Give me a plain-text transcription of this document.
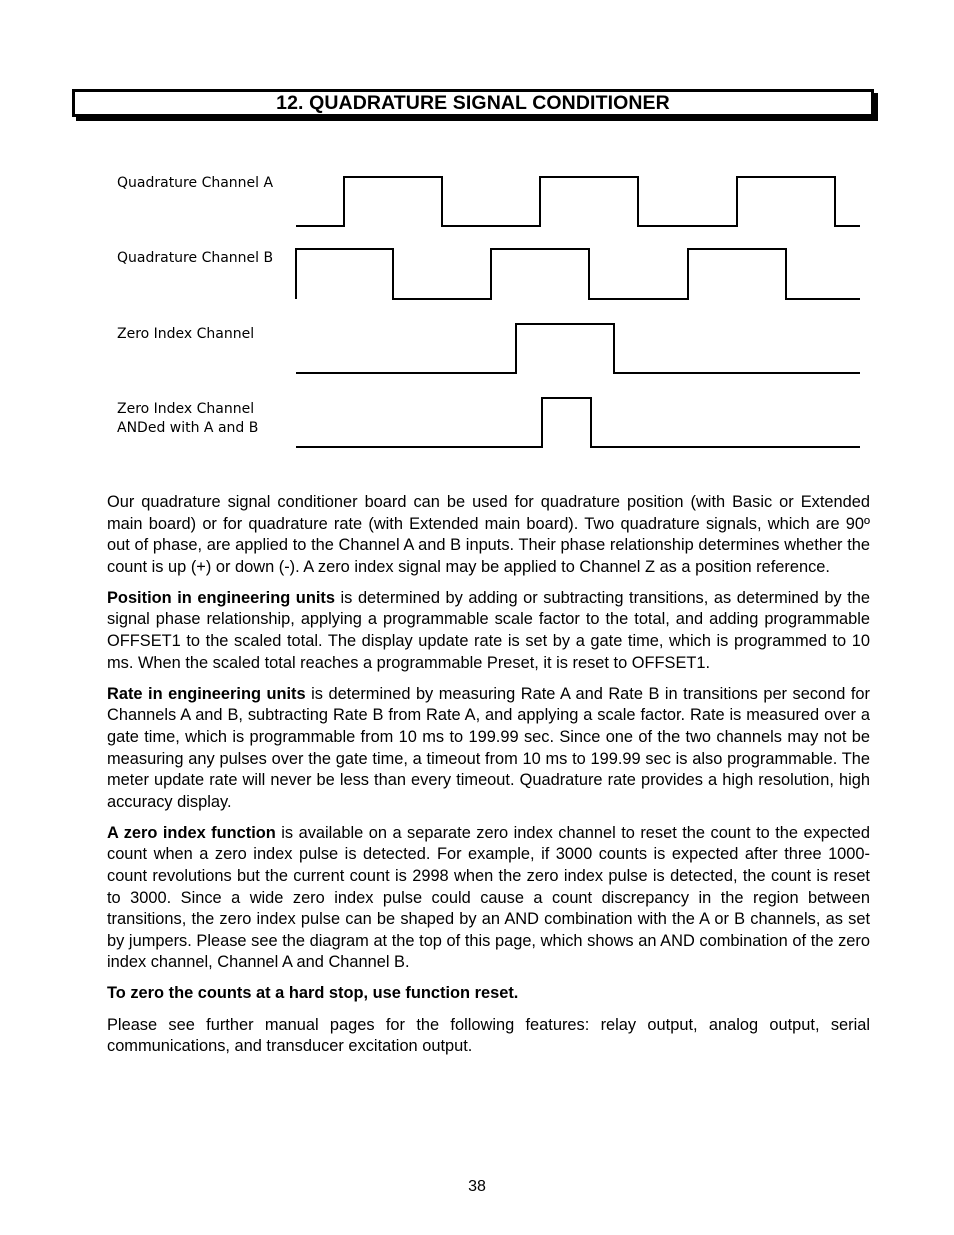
12. QUADRATURE SIGNAL CONDITIONER
Quadrature Channel A
Quadrature Channel B
Zero Index Channel
Zero Index Channel
ANDed with A and B

Our quadrature signal conditioner board can be used for quadrature position (with Basic or Extended main board) or for quadrature rate (with Extended main board). Two quadrature signals, which are 90º out of phase, are applied to the Channel A and B inputs. Their phase relationship determines whether the count is up (+) or down (-). A zero index signal may be applied to Channel Z as a position reference.

Position in engineering units is determined by adding or subtracting transitions, as determined by the signal phase relationship, applying a programmable scale factor to the total, and adding programmable OFFSET1 to the scaled total. The display update rate is set by a gate time, which is programmed to 10 ms. When the scaled total reaches a programmable Preset, it is reset to OFFSET1.

Rate in engineering units is determined by measuring Rate A and Rate B in transitions per second for Channels A and B, subtracting Rate B from Rate A, and applying a scale factor. Rate is measured over a gate time, which is programmable from 10 ms to 199.99 sec. Since one of the two channels may not be measuring any pulses over the gate time, a timeout from 10 ms to 199.99 sec is also programmable. The meter update rate will never be less than every timeout. Quadrature rate provides a high resolution, high accuracy display.

A zero index function is available on a separate zero index channel to reset the count to the expected count when a zero index pulse is detected. For example, if 3000 counts is expected after three 1000-count revolutions but the current count is 2998 when the zero index pulse is detected, the count is reset to 3000. Since a wide zero index pulse could cause a count discrepancy in the region between transitions, the zero index pulse can be shaped by an AND combination with the A or B channels, as set by jumpers. Please see the diagram at the top of this page, which shows an AND combination of the zero index channel, Channel A and Channel B.

To zero the counts at a hard stop, use function reset.

Please see further manual pages for the following features: relay output, analog output, serial communications, and transducer excitation output.

38
